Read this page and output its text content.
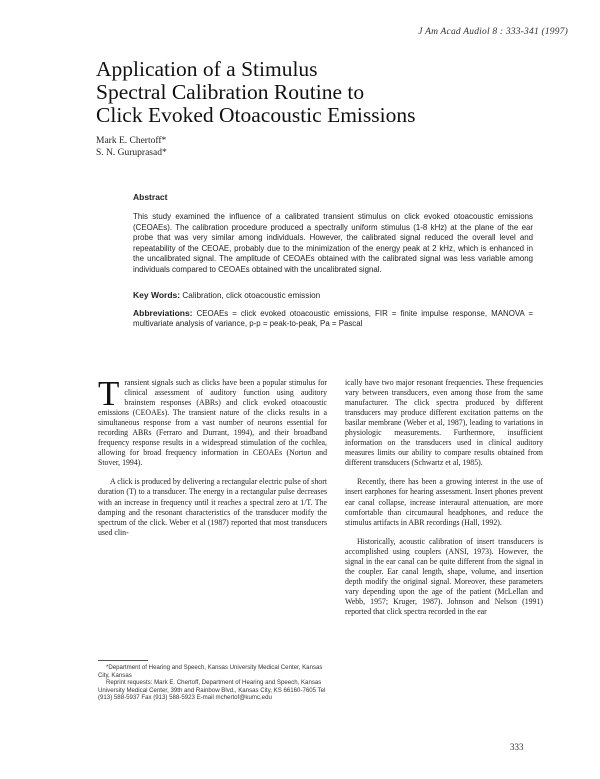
J Am Acad Audiol 8 : 333-341 (1997)
Application of a Stimulus
Spectral Calibration Routine to
Click Evoked Otoacoustic Emissions
Mark E. Chertoff*
S. N. Guruprasad*

Abstract

This study examined the influence of a calibrated transient stimulus on click evoked otoacoustic emissions (CEOAEs). The calibration procedure produced a spectrally uniform stimulus (1-8 kHz) at the plane of the ear probe that was very similar among individuals. However, the calibrated signal reduced the overall level and repeatability of the CEOAE, probably due to the minimization of the energy peak at 2 kHz, which is enhanced in the uncalibrated signal. The amplitude of CEOAEs obtained with the calibrated signal was less variable among individuals compared to CEOAEs obtained with the uncalibrated signal.

Key Words: Calibration, click otoacoustic emission

Abbreviations: CEOAEs = click evoked otoacoustic emissions, FIR = finite impulse response, MANOVA = multivariate analysis of variance, p-p = peak-to-peak, Pa = Pascal

Transient signals such as clicks have been a popular stimulus for clinical assessment of auditory function using auditory brainstem responses (ABRs) and click evoked otoacoustic emissions (CEOAEs). The transient nature of the clicks results in a simultaneous response from a vast number of neurons essential for recording ABRs (Ferraro and Durrant, 1994), and their broadband frequency response results in a widespread stimulation of the cochlea, allowing for broad frequency information in CEOAEs (Norton and Stover, 1994).

A click is produced by delivering a rectangular electric pulse of short duration (T) to a transducer. The energy in a rectangular pulse decreases with an increase in frequency until it reaches a spectral zero at 1/T. The damping and the resonant characteristics of the transducer modify the spectrum of the click. Weber et al (1987) reported that most transducers used clin-

ically have two major resonant frequencies. These frequencies vary between transducers, even among those from the same manufacturer. The click spectra produced by different transducers may produce different excitation patterns on the basilar membrane (Weber et al, 1987), leading to variations in physiologic measurements. Furthermore, insufficient information on the transducers used in clinical auditory measures limits our ability to compare results obtained from different transducers (Schwartz et al, 1985).

Recently, there has been a growing interest in the use of insert earphones for hearing assessment. Insert phones prevent ear canal collapse, increase interaural attenuation, are more comfortable than circumaural headphones, and reduce the stimulus artifacts in ABR recordings (Hall, 1992).

Historically, acoustic calibration of insert transducers is accomplished using couplers (ANSI, 1973). However, the signal in the ear canal can be quite different from the signal in the coupler. Ear canal length, shape, volume, and insertion depth modify the original signal. Moreover, these parameters vary depending upon the age of the patient (McLellan and Webb, 1957; Kruger, 1987). Johnson and Nelson (1991) reported that click spectra recorded in the ear

*Department of Hearing and Speech, Kansas University Medical Center, Kansas City, Kansas

Reprint requests: Mark E. Chertoff, Department of Hearing and Speech, Kansas University Medical Center, 39th and Rainbow Blvd., Kansas City, KS 66160-7605 Tel (913) 588-5937 Fax (913) 588-5923 E-mail mchertof@kumc.edu

333
